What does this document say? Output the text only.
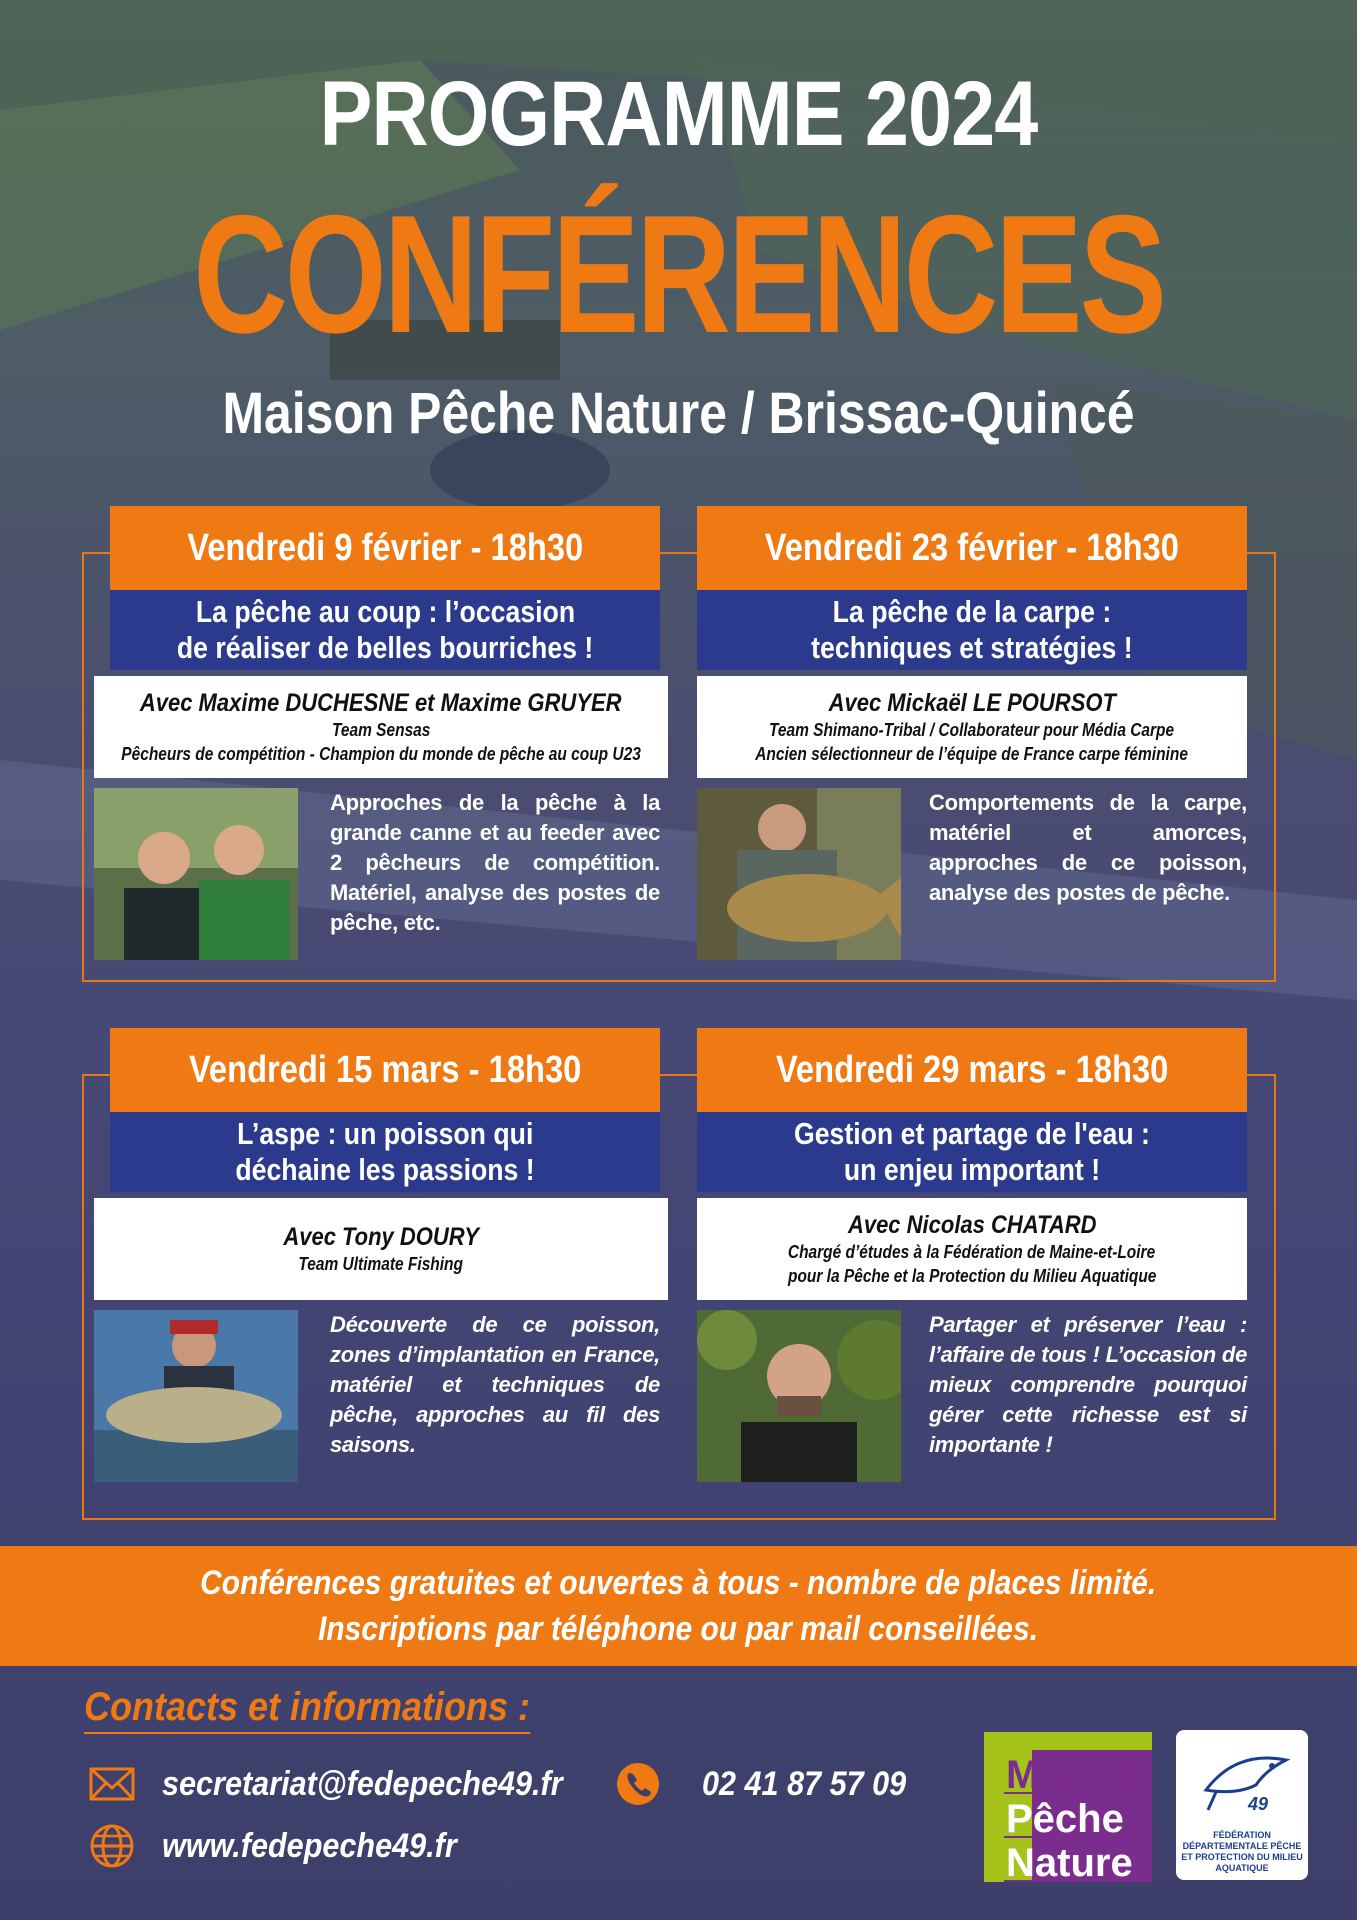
PROGRAMME 2024
CONFÉRENCES
Maison Pêche Nature / Brissac-Quincé
Vendredi 9 février - 18h30
La pêche au coup : l’occasion
de réaliser de belles bourriches !
Avec Maxime DUCHESNE et Maxime GRUYER
Team Sensas
Pêcheurs de compétition - Champion du monde de pêche au coup U23
Approches de la pêche à la grande canne et au feeder avec 2 pêcheurs de compétition. Matériel, analyse des postes de pêche, etc.
Vendredi 23 février - 18h30
La pêche de la carpe :
techniques et stratégies !
Avec Mickaël LE POURSOT
Team Shimano-Tribal / Collaborateur pour Média Carpe
Ancien sélectionneur de l’équipe de France carpe féminine
Comportements de la carpe, matériel et amorces, approches de ce poisson, analyse des postes de pêche.
Vendredi 15 mars - 18h30
L’aspe : un poisson qui
déchaine les passions !
Avec Tony DOURY
Team Ultimate Fishing
Découverte de ce poisson, zones d’implantation en France, matériel et techniques de pêche, approches au fil des saisons.
Vendredi 29 mars - 18h30
Gestion et partage de l'eau :
un enjeu important !
Avec Nicolas CHATARD
Chargé d’études à la Fédération de Maine-et-Loire
pour la Pêche et la Protection du Milieu Aquatique
Partager et préserver l’eau : l’affaire de tous ! L’occasion de mieux comprendre pourquoi gérer cette richesse est si importante !
Conférences gratuites et ouvertes à tous - nombre de places limité.
Inscriptions par téléphone ou par mail conseillées.
Contacts et informations :
secretariat@fedepeche49.fr	02 41 87 57 09
www.fedepeche49.fr
Maison
Pêche
Nature
49
FÉDÉRATION DÉPARTEMENTALE PÊCHE ET PROTECTION DU MILIEU AQUATIQUE
